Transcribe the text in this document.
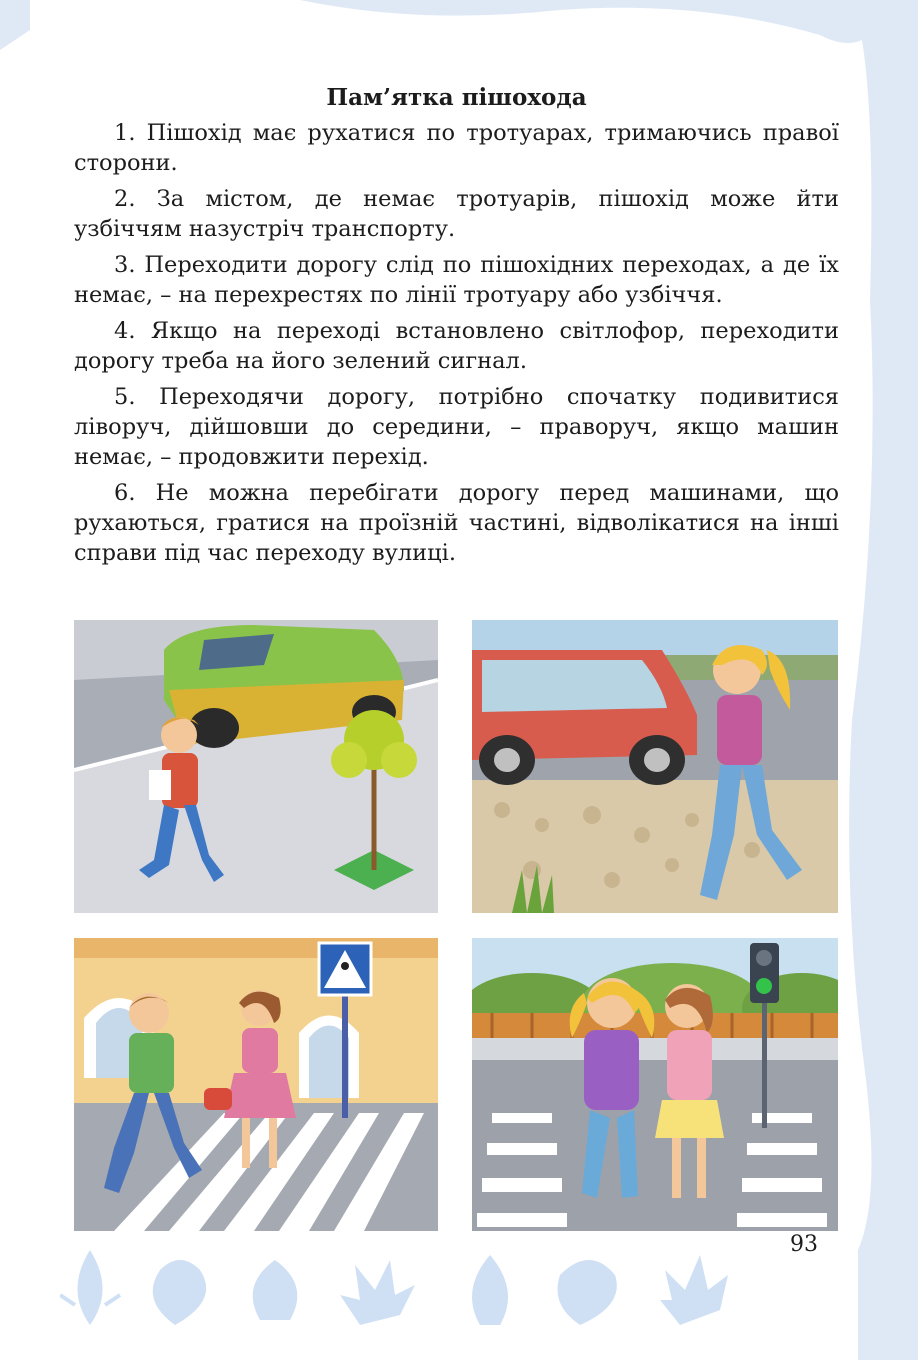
Пам’ятка пішохода

1. Пішохід має рухатися по тротуарах, тримаючись правої сторони.

2. За містом, де немає тротуарів, пішохід може йти узбіччям назустріч транспорту.

3. Переходити дорогу слід по пішохідних переходах, а де їх немає, – на перехрестях по лінії тротуару або узбіччя.

4. Якщо на переході встановлено світлофор, переходити дорогу треба на його зелений сигнал.

5. Переходячи дорогу, потрібно спочатку подивитися ліворуч, дійшовши до середини, – праворуч, якщо машин немає, – продовжити перехід.

6. Не можна перебігати дорогу перед машинами, що рухаються, гратися на проїзній частині, відволікатися на інші справи під час переходу вулиці.

93
